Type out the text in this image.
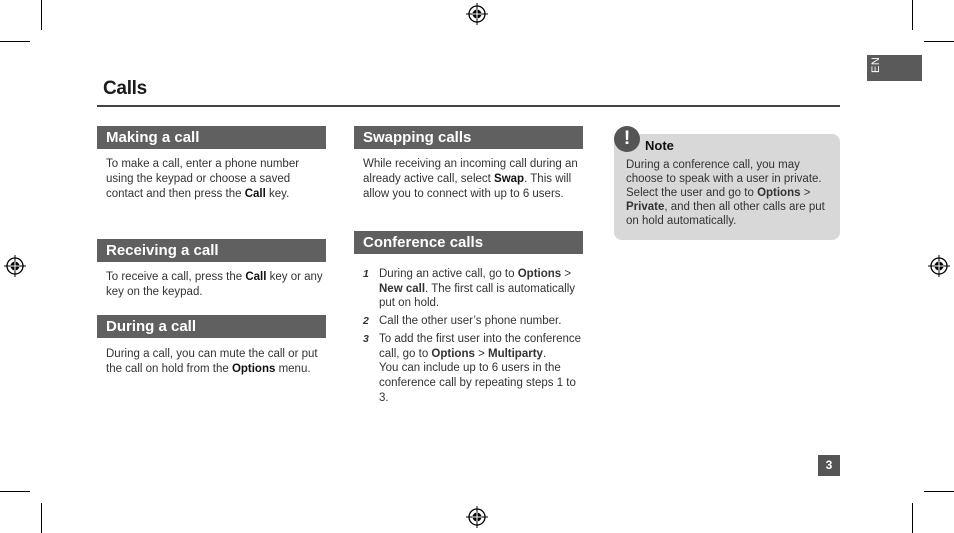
EN
Calls
Making a call
To make a call, enter a phone number using the keypad or choose a saved contact and then press the Call key.
Receiving a call
To receive a call, press the Call key or any key on the keypad.
During a call
During a call, you can mute the call or put the call on hold from the Options menu.
Swapping calls
While receiving an incoming call during an already active call, select Swap. This will allow you to connect with up to 6 users.
Conference calls
1 During an active call, go to Options > New call. The first call is automatically put on hold.
2 Call the other user’s phone number.
3 To add the first user into the conference call, go to Options > Multiparty.
You can include up to 6 users in the conference call by repeating steps 1 to 3.
!	Note
During a conference call, you may choose to speak with a user in private. Select the user and go to Options > Private, and then all other calls are put on hold automatically.
3
